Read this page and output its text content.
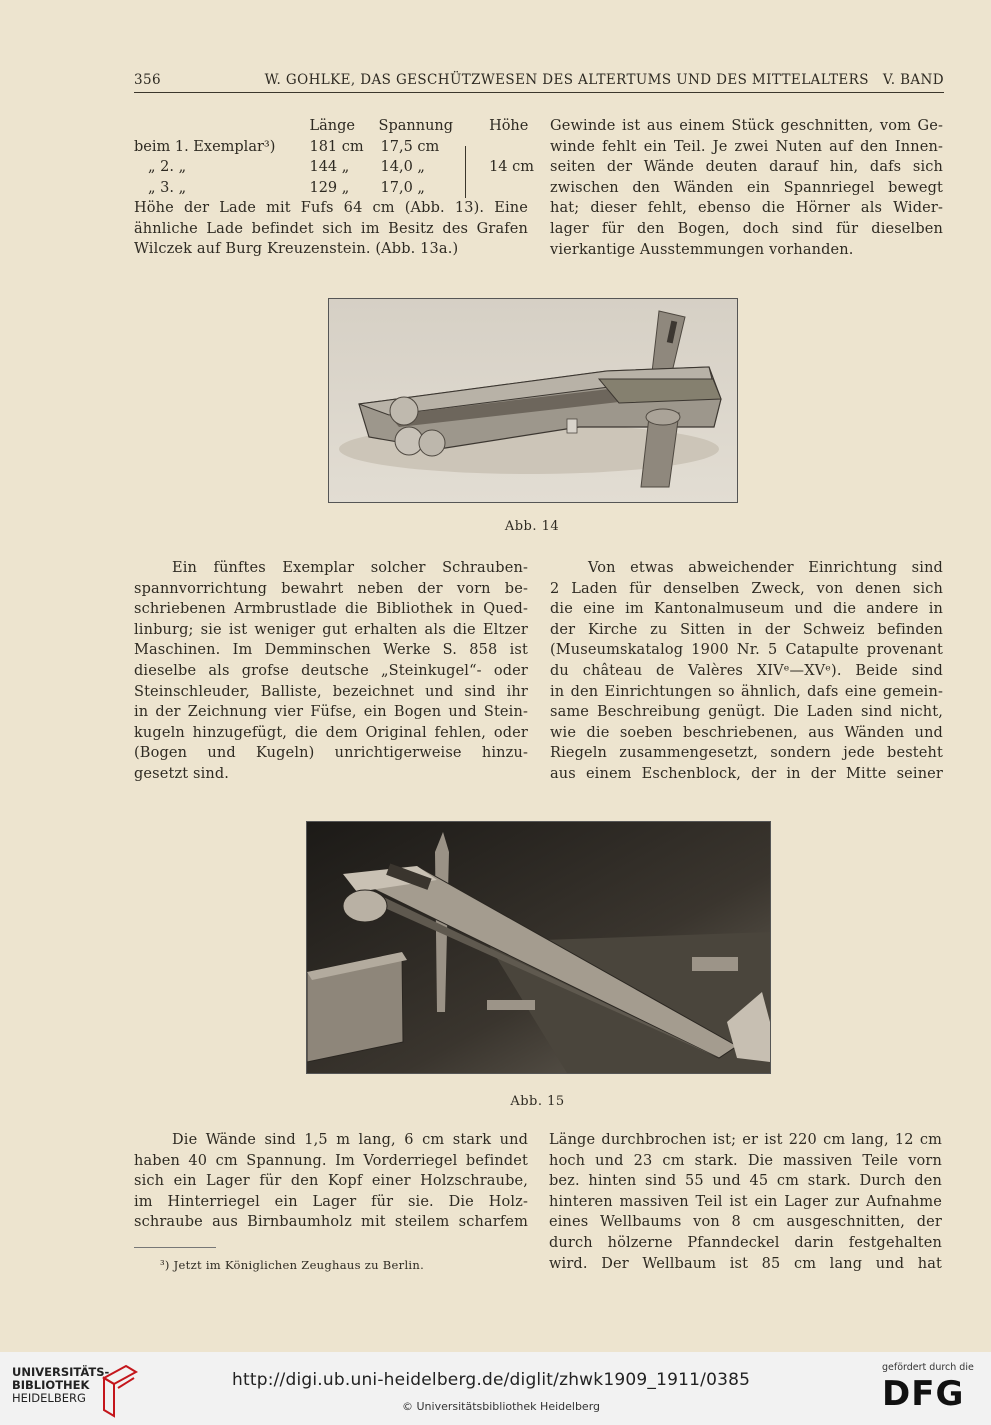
356	W. GOHLKE, DAS GESCHÜTZWESEN DES ALTERTUMS UND DES MITTELALTERS   V. BAND
	Länge	Spannung	Höhe
beim 1. Exemplar³)	181 cm	17,5 cm	
„ 2. „	144 „	14,0 „	14 cm
„ 3. „	129 „	17,0 „	

Höhe der Lade mit Fufs 64 cm (Abb. 13). Eine

ähnliche Lade befindet sich im Besitz des Grafen

Wilczek auf Burg Kreuzenstein. (Abb. 13a.)

Gewinde ist aus einem Stück geschnitten, vom Ge-

winde fehlt ein Teil. Je zwei Nuten auf den Innen-

seiten der Wände deuten darauf hin, dafs sich

zwischen den Wänden ein Spannriegel bewegt

hat; dieser fehlt, ebenso die Hörner als Wider-

lager für den Bogen, doch sind für dieselben

vierkantige Ausstemmungen vorhanden.

Abb. 14

Ein fünftes Exemplar solcher Schrauben-

spannvorrichtung bewahrt neben der vorn be-

schriebenen Armbrustlade die Bibliothek in Qued-

linburg; sie ist weniger gut erhalten als die Eltzer

Maschinen. Im Demminschen Werke S. 858 ist

dieselbe als grofse deutsche „Steinkugel“- oder

Steinschleuder, Balliste, bezeichnet und sind ihr

in der Zeichnung vier Füfse, ein Bogen und Stein-

kugeln hinzugefügt, die dem Original fehlen, oder

(Bogen und Kugeln) unrichtigerweise hinzu-

gesetzt sind.

Von etwas abweichender Einrichtung sind

2 Laden für denselben Zweck, von denen sich

die eine im Kantonalmuseum und die andere in

der Kirche zu Sitten in der Schweiz befinden

(Museumskatalog 1900 Nr. 5 Catapulte provenant

du château de Valères XIVᵉ—XVᵉ). Beide sind

in den Einrichtungen so ähnlich, dafs eine gemein-

same Beschreibung genügt. Die Laden sind nicht,

wie die soeben beschriebenen, aus Wänden und

Riegeln zusammengesetzt, sondern jede besteht

aus einem Eschenblock, der in der Mitte seiner

Abb. 15

Die Wände sind 1,5 m lang, 6 cm stark und

haben 40 cm Spannung. Im Vorderriegel befindet

sich ein Lager für den Kopf einer Holzschraube,

im Hinterriegel ein Lager für sie. Die Holz-

schraube aus Birnbaumholz mit steilem scharfem

³) Jetzt im Königlichen Zeughaus zu Berlin.

Länge durchbrochen ist; er ist 220 cm lang, 12 cm

hoch und 23 cm stark. Die massiven Teile vorn

bez. hinten sind 55 und 45 cm stark. Durch den

hinteren massiven Teil ist ein Lager zur Aufnahme

eines Wellbaums von 8 cm ausgeschnitten, der

durch hölzerne Pfanndeckel darin festgehalten

wird. Der Wellbaum ist 85 cm lang und hat

UNIVERSITÄTS-
BIBLIOTHEK
HEIDELBERG
http://digi.ub.uni-heidelberg.de/diglit/zhwk1909_1911/0385
© Universitätsbibliothek Heidelberg
gefördert durch die
DFG
